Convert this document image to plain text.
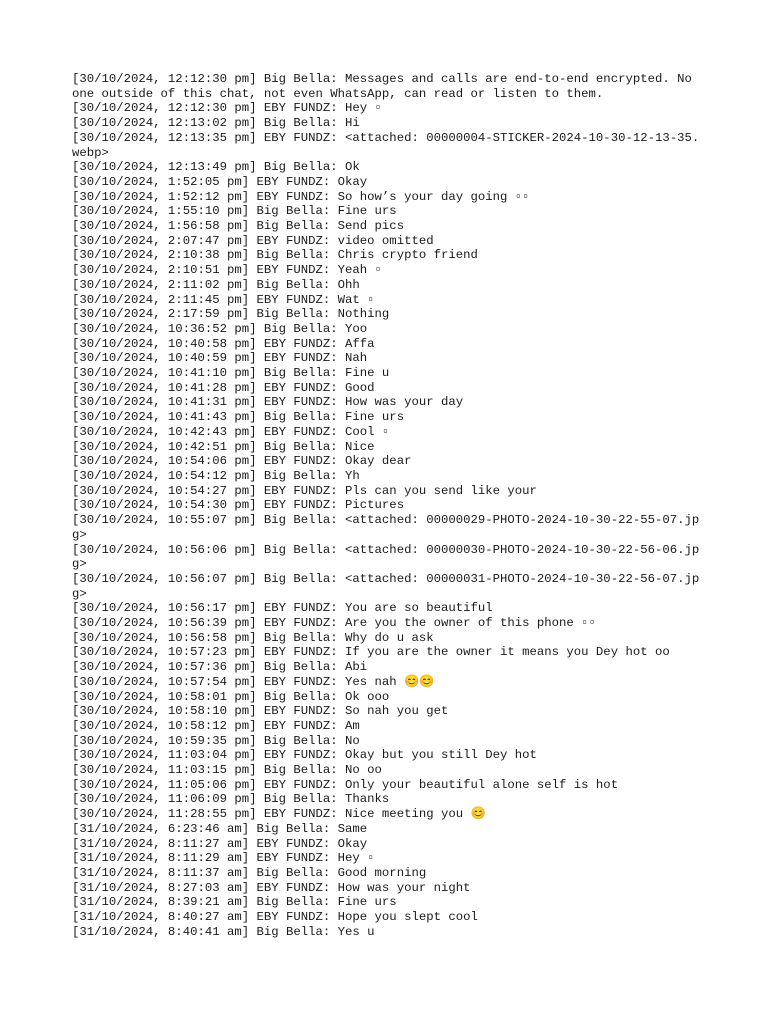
[30/10/2024, 12:12:30 pm] Big Bella: Messages and calls are end-to-end encrypted. No one outside of this chat, not even WhatsApp, can read or listen to them.
[30/10/2024, 12:12:30 pm] EBY FUNDZ: Hey ▫
[30/10/2024, 12:13:02 pm] Big Bella: Hi
[30/10/2024, 12:13:35 pm] EBY FUNDZ: <attached: 00000004-STICKER-2024-10-30-12-13-35.webp>
[30/10/2024, 12:13:49 pm] Big Bella: Ok
[30/10/2024, 1:52:05 pm] EBY FUNDZ: Okay
[30/10/2024, 1:52:12 pm] EBY FUNDZ: So how’s your day going ▫▫
[30/10/2024, 1:55:10 pm] Big Bella: Fine urs
[30/10/2024, 1:56:58 pm] Big Bella: Send pics
[30/10/2024, 2:07:47 pm] EBY FUNDZ: video omitted
[30/10/2024, 2:10:38 pm] Big Bella: Chris crypto friend
[30/10/2024, 2:10:51 pm] EBY FUNDZ: Yeah ▫
[30/10/2024, 2:11:02 pm] Big Bella: Ohh
[30/10/2024, 2:11:45 pm] EBY FUNDZ: Wat ▫
[30/10/2024, 2:17:59 pm] Big Bella: Nothing
[30/10/2024, 10:36:52 pm] Big Bella: Yoo
[30/10/2024, 10:40:58 pm] EBY FUNDZ: Affa
[30/10/2024, 10:40:59 pm] EBY FUNDZ: Nah
[30/10/2024, 10:41:10 pm] Big Bella: Fine u
[30/10/2024, 10:41:28 pm] EBY FUNDZ: Good
[30/10/2024, 10:41:31 pm] EBY FUNDZ: How was your day
[30/10/2024, 10:41:43 pm] Big Bella: Fine urs
[30/10/2024, 10:42:43 pm] EBY FUNDZ: Cool ▫
[30/10/2024, 10:42:51 pm] Big Bella: Nice
[30/10/2024, 10:54:06 pm] EBY FUNDZ: Okay dear
[30/10/2024, 10:54:12 pm] Big Bella: Yh
[30/10/2024, 10:54:27 pm] EBY FUNDZ: Pls can you send like your
[30/10/2024, 10:54:30 pm] EBY FUNDZ: Pictures
[30/10/2024, 10:55:07 pm] Big Bella: <attached: 00000029-PHOTO-2024-10-30-22-55-07.jpg>
[30/10/2024, 10:56:06 pm] Big Bella: <attached: 00000030-PHOTO-2024-10-30-22-56-06.jpg>
[30/10/2024, 10:56:07 pm] Big Bella: <attached: 00000031-PHOTO-2024-10-30-22-56-07.jpg>
[30/10/2024, 10:56:17 pm] EBY FUNDZ: You are so beautiful
[30/10/2024, 10:56:39 pm] EBY FUNDZ: Are you the owner of this phone ▫▫
[30/10/2024, 10:56:58 pm] Big Bella: Why do u ask
[30/10/2024, 10:57:23 pm] EBY FUNDZ: If you are the owner it means you Dey hot oo
[30/10/2024, 10:57:36 pm] Big Bella: Abi
[30/10/2024, 10:57:54 pm] EBY FUNDZ: Yes nah 😊😊
[30/10/2024, 10:58:01 pm] Big Bella: Ok ooo
[30/10/2024, 10:58:10 pm] EBY FUNDZ: So nah you get
[30/10/2024, 10:58:12 pm] EBY FUNDZ: Am
[30/10/2024, 10:59:35 pm] Big Bella: No
[30/10/2024, 11:03:04 pm] EBY FUNDZ: Okay but you still Dey hot
[30/10/2024, 11:03:15 pm] Big Bella: No oo
[30/10/2024, 11:05:06 pm] EBY FUNDZ: Only your beautiful alone self is hot
[30/10/2024, 11:06:09 pm] Big Bella: Thanks
[30/10/2024, 11:28:55 pm] EBY FUNDZ: Nice meeting you 😊
[31/10/2024, 6:23:46 am] Big Bella: Same
[31/10/2024, 8:11:27 am] EBY FUNDZ: Okay
[31/10/2024, 8:11:29 am] EBY FUNDZ: Hey ▫
[31/10/2024, 8:11:37 am] Big Bella: Good morning
[31/10/2024, 8:27:03 am] EBY FUNDZ: How was your night
[31/10/2024, 8:39:21 am] Big Bella: Fine urs
[31/10/2024, 8:40:27 am] EBY FUNDZ: Hope you slept cool
[31/10/2024, 8:40:41 am] Big Bella: Yes u
